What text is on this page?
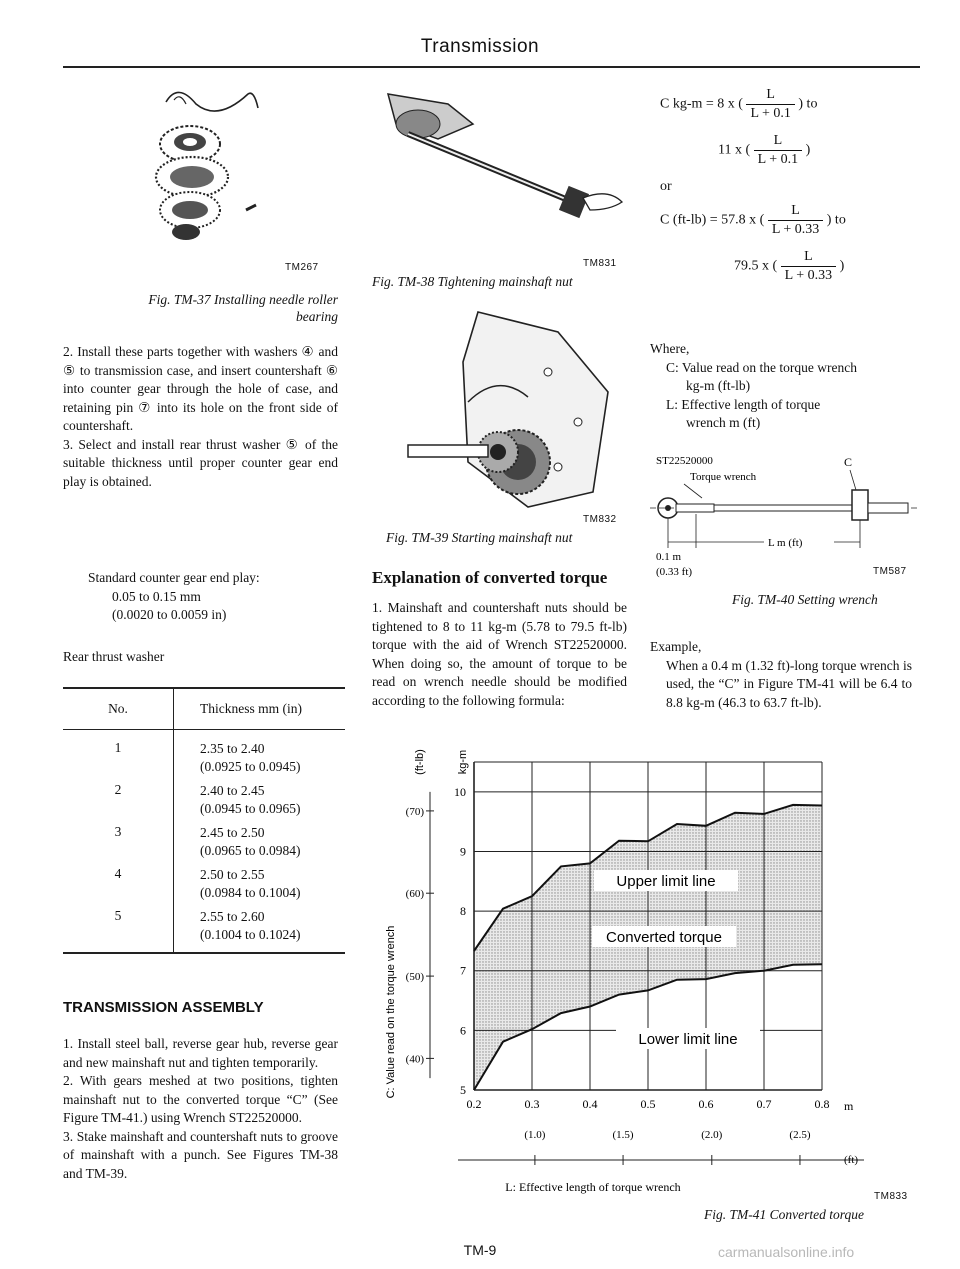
Transmission
TM267
Fig. TM-37 Installing needle roller
bearing

2. Install these parts together with washers ④ and ⑤ to transmission case, and insert countershaft ⑥ into counter gear through the hole of case, and retaining pin ⑦ into its hole on the front side of countershaft.

3. Select and install rear thrust washer ⑤ of the suitable thickness until proper counter gear end play is obtained.

Standard counter gear end play:

0.05 to 0.15 mm

(0.0020 to 0.0059 in)

Rear thrust washer
No.	Thickness mm (in)
1	2.35 to 2.40
(0.0925 to 0.0945)
2	2.40 to 2.45
(0.0945 to 0.0965)
3	2.45 to 2.50
(0.0965 to 0.0984)
4	2.50 to 2.55
(0.0984 to 0.1004)
5	2.55 to 2.60
(0.1004 to 0.1024)
TRANSMISSION ASSEMBLY

1. Install steel ball, reverse gear hub, reverse gear and new mainshaft nut and tighten temporarily.

2. With gears meshed at two positions, tighten mainshaft nut to the converted torque “C” (See Figure TM-41.) using Wrench ST22520000.

3. Stake mainshaft and countershaft nuts to groove of mainshaft with a punch. See Figures TM-38 and TM-39.

TM831
Fig. TM-38 Tightening mainshaft nut
TM832
Fig. TM-39 Starting mainshaft nut
Explanation of converted torque
1. Mainshaft and countershaft nuts should be tightened to 8 to 11 kg-m (5.78 to 79.5 ft-lb) torque with the aid of Wrench ST22520000. When doing so, the amount of torque to be read on wrench needle should be modified according to the following formula:
0.2	0.3	0.4	0.5	0.6	0.7	0.8
5
6
7
8
9
10
(40)
(50)
(60)
(70)
(1.0)	(1.5)	(2.0)	(2.5)
C: Value read on the torque wrench
(ft-lb)	kg-m
Upper limit line
Converted torque
Lower limit line
m
(ft)
L: Effective length of torque wrench
TM833
Fig. TM-41 Converted torque
C kg-m = 8 x ( $\frac{L}{L + 0.1}$ ) to
11 x ( $\frac{L}{L + 0.1}$ )
or
C (ft-lb) = 57.8 x ( $\frac{L}{L + 0.33}$ ) to
79.5 x ( $\frac{L}{L + 0.33}$ )

Where,

C: Value read on the torque wrench

kg-m (ft-lb)

L: Effective length of torque

wrench m (ft)

ST22520000
Torque wrench
C
L m (ft)
0.1 m
(0.33 ft)	TM587
Fig. TM-40 Setting wrench

Example,

When a 0.4 m (1.32 ft)-long torque wrench is used, the “C” in Figure TM-41 will be 6.4 to 8.8 kg-m (46.3 to 63.7 ft-lb).

TM-9	carmanualsonline.info
